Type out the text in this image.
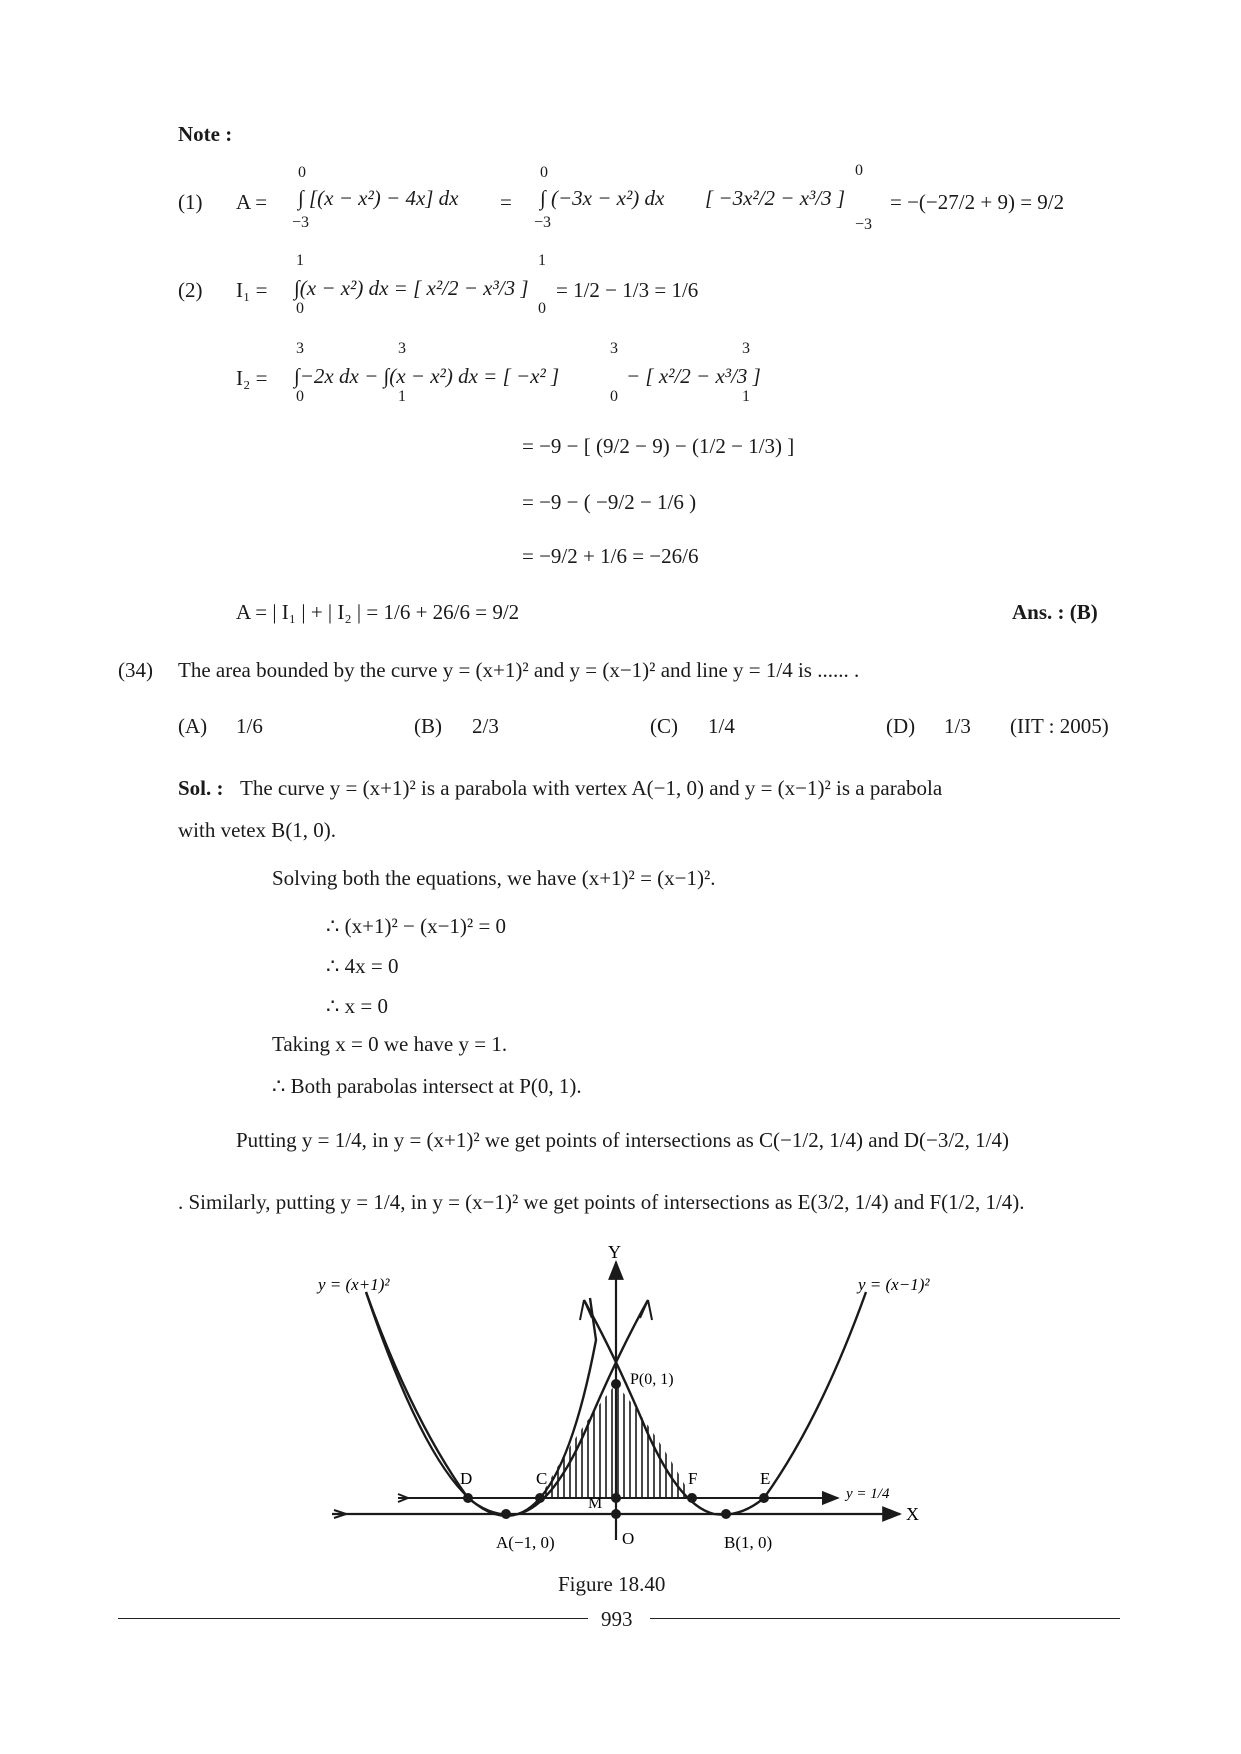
Note :
(1) A =
0
−3
∫ [(x − x²) − 4x] dx =
0
−3
∫ (−3x − x²) dx [ −3x²/2 − x³/3 ]
0
−3
= −(−27/2 + 9) = 9/2
(2) I₁ =
1
0
∫(x − x²) dx = [ x²/2 − x³/3 ]
1
0
= 1/2 − 1/3 = 1/6
I₂ =
3
0
3
1
∫−2x dx − ∫(x − x²) dx = [ −x² ]
3
0
− [ x²/2 − x³/3 ]
3
1
= −9 − [ (9/2 − 9) − (1/2 − 1/3) ]
= −9 − ( −9/2 − 1/6 )
= −9/2 + 1/6 = −26/6
A = | I₁ | + | I₂ | = 1/6 + 26/6 = 9/2	Ans. : (B)
(34) The area bounded by the curve y = (x+1)² and y = (x−1)² and line y = 1/4 is ...... .
(A) 1/6	(B) 2/3	(C) 1/4	(D) 1/3 (IIT : 2005)
Sol. : The curve y = (x+1)² is a parabola with vertex A(−1, 0) and y = (x−1)² is a parabola
with vetex B(1, 0).
Solving both the equations, we have (x+1)² = (x−1)².
∴ (x+1)² − (x−1)² = 0
∴ 4x = 0
∴ x = 0
Taking x = 0 we have y = 1.
∴ Both parabolas intersect at P(0, 1).
Putting y = 1/4, in y = (x+1)² we get points of intersections as C(−1/2, 1/4) and D(−3/2, 1/4)
. Similarly, putting y = 1/4, in y = (x−1)² we get points of intersections as E(3/2, 1/4) and F(1/2, 1/4).
Y
X
y = (x+1)²	y = (x−1)²
y = 1/4
P(0, 1)
A(−1, 0)	B(1, 0)
O
M
D	C	F	E
Figure 18.40
993
